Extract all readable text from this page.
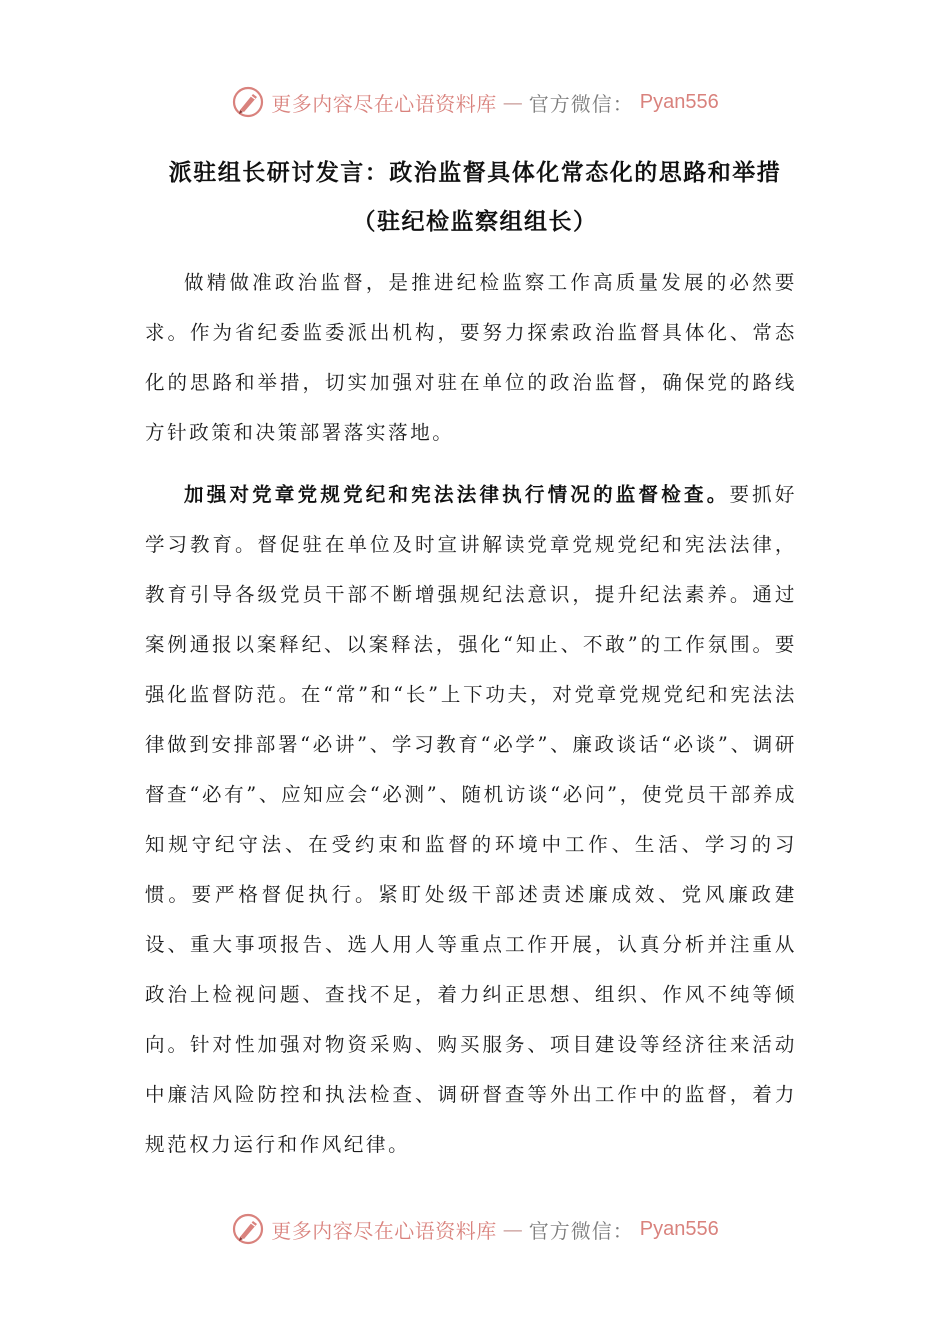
更多内容尽在心语资料库 — 官方微信： Pyan556
派驻组长研讨发言：政治监督具体化常态化的思路和举措
（驻纪检监察组组长）

做精做准政治监督，是推进纪检监察工作高质量发展的必然要求。作为省纪委监委派出机构，要努力探索政治监督具体化、常态化的思路和举措，切实加强对驻在单位的政治监督，确保党的路线方针政策和决策部署落实落地。

加强对党章党规党纪和宪法法律执行情况的监督检查。要抓好学习教育。督促驻在单位及时宣讲解读党章党规党纪和宪法法律，教育引导各级党员干部不断增强规纪法意识，提升纪法素养。通过案例通报以案释纪、以案释法，强化“知止、不敢”的工作氛围。要强化监督防范。在“常”和“长”上下功夫，对党章党规党纪和宪法法律做到安排部署“必讲”、学习教育“必学”、廉政谈话“必谈”、调研督查“必有”、应知应会“必测”、随机访谈“必问”，使党员干部养成知规守纪守法、在受约束和监督的环境中工作、生活、学习的习惯。要严格督促执行。紧盯处级干部述责述廉成效、党风廉政建设、重大事项报告、选人用人等重点工作开展，认真分析并注重从政治上检视问题、查找不足，着力纠正思想、组织、作风不纯等倾向。针对性加强对物资采购、购买服务、项目建设等经济往来活动中廉洁风险防控和执法检查、调研督查等外出工作中的监督，着力规范权力运行和作风纪律。

更多内容尽在心语资料库 — 官方微信： Pyan556
